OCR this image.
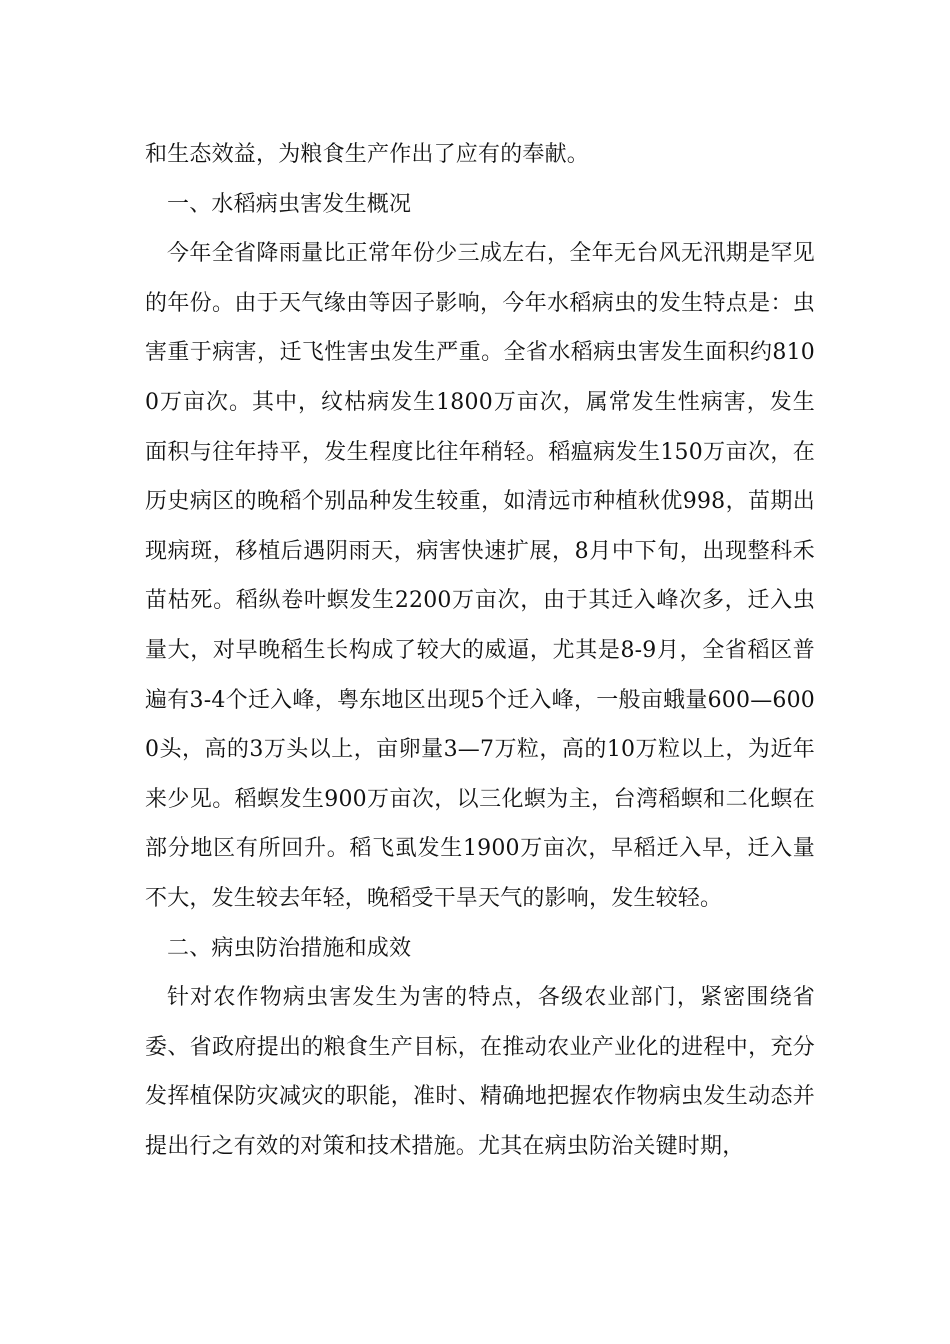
和生态效益，为粮食生产作出了应有的奉献。

一、水稻病虫害发生概况

今年全省降雨量比正常年份少三成左右，全年无台风无汛期是罕见的年份。由于天气缘由等因子影响，今年水稻病虫的发生特点是：虫害重于病害，迁飞性害虫发生严重。全省水稻病虫害发生面积约8100万亩次。其中，纹枯病发生1800万亩次，属常发生性病害，发生面积与往年持平，发生程度比往年稍轻。稻瘟病发生150万亩次，在历史病区的晚稻个别品种发生较重，如清远市种植秋优998，苗期出现病斑，移植后遇阴雨天，病害快速扩展，8月中下旬，出现整科禾苗枯死。稻纵卷叶螟发生2200万亩次，由于其迁入峰次多，迁入虫量大，对早晚稻生长构成了较大的威逼，尤其是8-9月，全省稻区普遍有3-4个迁入峰，粤东地区出现5个迁入峰，一般亩蛾量600—6000头，高的3万头以上，亩卵量3—7万粒，高的10万粒以上，为近年来少见。稻螟发生900万亩次，以三化螟为主，台湾稻螟和二化螟在部分地区有所回升。稻飞虱发生1900万亩次，早稻迁入早，迁入量不大，发生较去年轻，晚稻受干旱天气的影响，发生较轻。

二、病虫防治措施和成效

针对农作物病虫害发生为害的特点，各级农业部门，紧密围绕省委、省政府提出的粮食生产目标，在推动农业产业化的进程中，充分发挥植保防灾减灾的职能，准时、精确地把握农作物病虫发生动态并提出行之有效的对策和技术措施。尤其在病虫防治关键时期，
